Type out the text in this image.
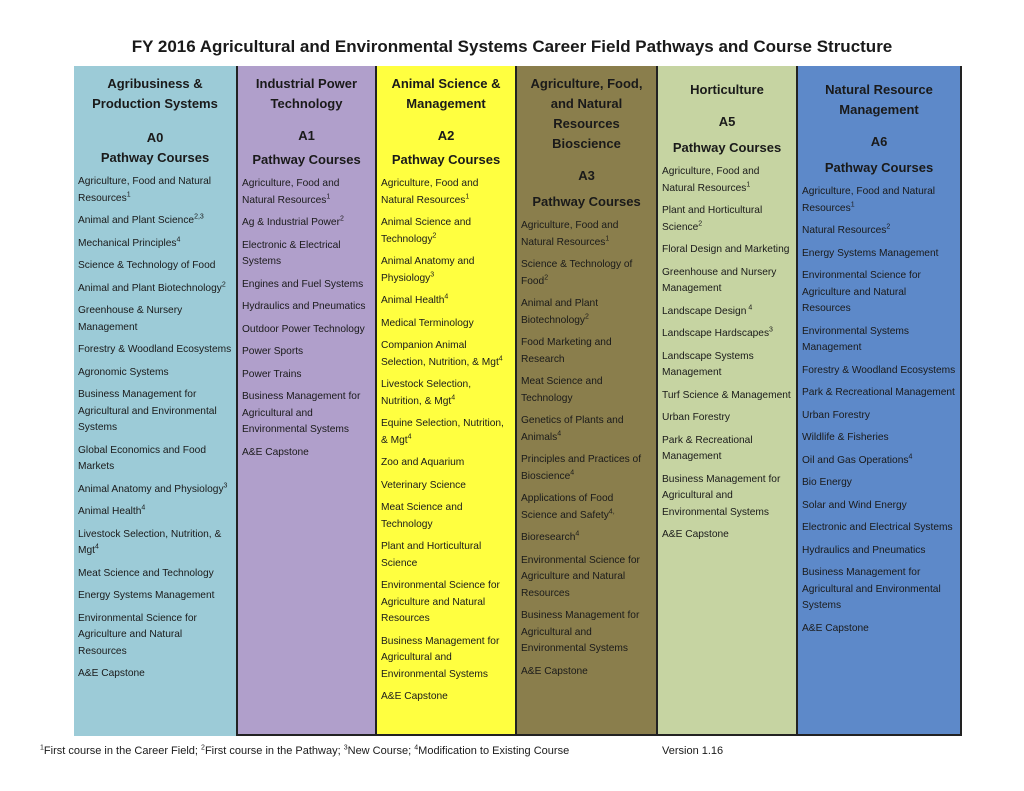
FY 2016 Agricultural and Environmental Systems Career Field Pathways and Course Structure
Agribusiness & Production Systems
A0
Pathway Courses
Agriculture, Food and Natural Resources$^1$
Animal and Plant Science$^{2,3}$
Mechanical Principles$^4$
Science & Technology of Food
Animal and Plant Biotechnology$^2$
Greenhouse & Nursery Management
Forestry & Woodland Ecosystems
Agronomic Systems
Business Management for Agricultural and Environmental Systems
Global Economics and Food Markets
Animal Anatomy and Physiology$^3$
Animal Health$^4$
Livestock Selection, Nutrition, & Mgt$^4$
Meat Science and Technology
Energy Systems Management
Environmental Science for Agriculture and Natural Resources
A&E Capstone
Industrial Power Technology
A1
Pathway Courses
Agriculture, Food and Natural Resources$^1$
Ag & Industrial Power$^2$
Electronic & Electrical Systems
Engines and Fuel Systems
Hydraulics and Pneumatics
Outdoor Power Technology
Power Sports
Power Trains
Business Management for Agricultural and Environmental Systems
A&E Capstone
Animal Science & Management
A2
Pathway Courses
Agriculture, Food and Natural Resources$^1$
Animal Science and Technology$^2$
Animal Anatomy and Physiology$^3$
Animal Health$^4$
Medical Terminology
Companion Animal Selection, Nutrition, & Mgt$^4$
Livestock Selection, Nutrition, & Mgt$^4$
Equine Selection, Nutrition, & Mgt$^4$
Zoo and Aquarium
Veterinary Science
Meat Science and Technology
Plant and Horticultural Science
Environmental Science for Agriculture and Natural Resources
Business Management for Agricultural and Environmental Systems
A&E Capstone
Agriculture, Food, and Natural Resources Bioscience
A3
Pathway Courses
Agriculture, Food and Natural Resources$^1$
Science & Technology of Food$^2$
Animal and Plant Biotechnology$^2$
Food Marketing and Research
Meat Science and Technology
Genetics of Plants and Animals$^4$
Principles and Practices of Bioscience$^4$
Applications of Food Science and Safety$^{4,}$
Bioresearch$^4$
Environmental Science for Agriculture and Natural Resources
Business Management for Agricultural and Environmental Systems
A&E Capstone
Horticulture
A5
Pathway Courses
Agriculture, Food and Natural Resources$^1$
Plant and Horticultural Science$^2$
Floral Design and Marketing
Greenhouse and Nursery Management
Landscape Design $^4$
Landscape Hardscapes$^3$
Landscape Systems Management
Turf Science & Management
Urban Forestry
Park & Recreational Management
Business Management for Agricultural and Environmental Systems
A&E Capstone
Natural Resource Management
A6
Pathway Courses
Agriculture, Food and Natural Resources$^1$
Natural Resources$^2$
Energy Systems Management
Environmental Science for Agriculture and Natural Resources
Environmental Systems Management
Forestry & Woodland Ecosystems
Park & Recreational Management
Urban Forestry
Wildlife & Fisheries
Oil and Gas Operations$^4$
Bio Energy
Solar and Wind Energy
Electronic and Electrical Systems
Hydraulics and Pneumatics
Business Management for Agricultural and Environmental Systems
A&E Capstone
$^1$First course in the Career Field; $^2$First course in the Pathway; $^3$New Course; $^4$Modification to Existing Course	Version 1.16
